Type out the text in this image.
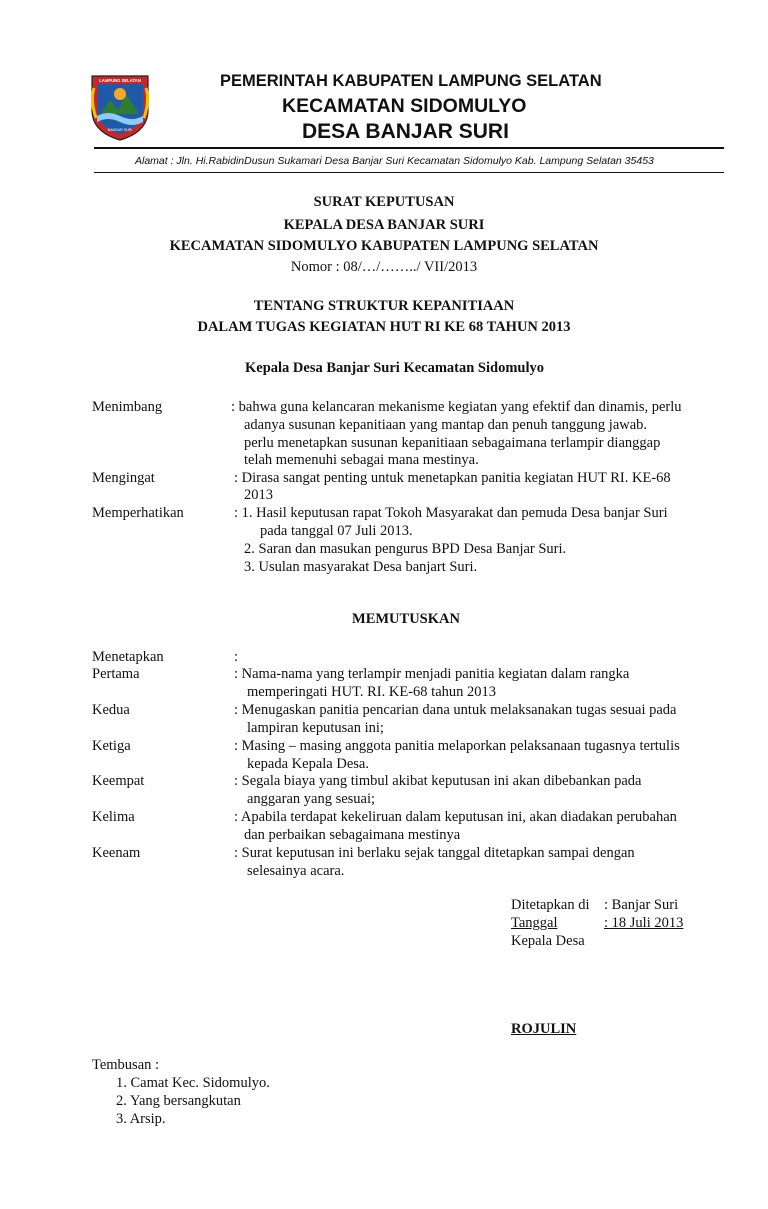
LAMPUNG SELATAN
BANDAR SURI
PEMERINTAH KABUPATEN LAMPUNG SELATAN
KECAMATAN SIDOMULYO
DESA BANJAR SURI
Alamat : Jln. Hi.RabidinDusun Sukamari Desa Banjar Suri Kecamatan Sidomulyo Kab. Lampung Selatan 35453
SURAT KEPUTUSAN
KEPALA DESA BANJAR SURI
KECAMATAN SIDOMULYO KABUPATEN LAMPUNG SELATAN
Nomor : 08/…/……../ VII/2013
TENTANG STRUKTUR KEPANITIAAN
DALAM TUGAS KEGIATAN HUT RI KE 68 TAHUN 2013
Kepala Desa Banjar Suri Kecamatan Sidomulyo
Menimbang	: bahwa guna kelancaran mekanisme kegiatan yang efektif dan dinamis, perlu
adanya susunan kepanitiaan yang mantap dan penuh tanggung jawab.
perlu menetapkan susunan kepanitiaan sebagaimana terlampir dianggap
telah memenuhi sebagai mana mestinya.
Mengingat	: Dirasa sangat penting untuk menetapkan panitia kegiatan HUT RI. KE-68
2013
Memperhatikan	: 1. Hasil keputusan rapat Tokoh Masyarakat dan pemuda Desa banjar Suri
pada tanggal 07 Juli 2013.
2. Saran dan masukan pengurus BPD Desa Banjar Suri.
3. Usulan masyarakat Desa banjart Suri.
MEMUTUSKAN
Menetapkan	:
Pertama	: Nama-nama yang terlampir menjadi panitia kegiatan dalam rangka
memperingati HUT. RI. KE-68 tahun 2013
Kedua	: Menugaskan panitia pencarian dana untuk melaksanakan tugas sesuai pada
lampiran keputusan ini;
Ketiga	: Masing – masing anggota panitia melaporkan pelaksanaan tugasnya tertulis
kepada Kepala Desa.
Keempat	: Segala biaya yang timbul akibat keputusan ini akan dibebankan pada
anggaran yang sesuai;
Kelima	: Apabila terdapat kekeliruan dalam keputusan ini, akan diadakan perubahan
dan perbaikan sebagaimana mestinya
Keenam	: Surat keputusan ini berlaku sejak tanggal ditetapkan sampai dengan
selesainya acara.
Ditetapkan di : Banjar Suri
Tanggal	: 18 Juli 2013
Kepala Desa
ROJULIN
Tembusan :
1. Camat Kec. Sidomulyo.
2. Yang bersangkutan
3. Arsip.
